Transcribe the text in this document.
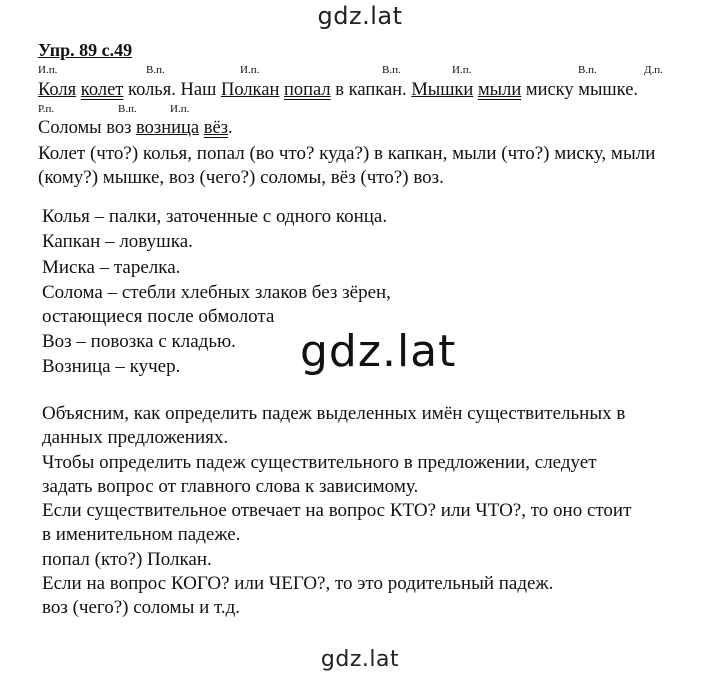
gdz.lat
gdz.lat
Упр. 89 с.49
И.п.	В.п.	И.п.	В.п.	И.п.	В.п.	Д.п.
Коля колет колья. Наш Полкан попал в капкан. Мышки мыли миску мышке.
Р.п.	В.п.	И.п.
Соломы воз возница вёз.
Колет (что?) колья, попал (во что? куда?) в капкан, мыли (что?) миску, мыли
(кому?) мышке, воз (чего?) соломы, вёз (что?) воз.
Колья – палки, заточенные с одного конца.
Капкан – ловушка.
Миска – тарелка.
Солома – стебли хлебных злаков без зёрен,
остающиеся после обмолота
Воз – повозка с кладью.
Возница – кучер.
Объясним, как определить падеж выделенных имён существительных в
данных предложениях.
Чтобы определить падеж существительного в предложении, следует
задать вопрос от главного слова к зависимому.
Если существительное отвечает на вопрос КТО? или ЧТО?, то оно стоит
в именительном падеже.
попал (кто?) Полкан.
Если на вопрос КОГО? или ЧЕГО?, то это родительный падеж.
воз (чего?) соломы и т.д.
gdz.lat
